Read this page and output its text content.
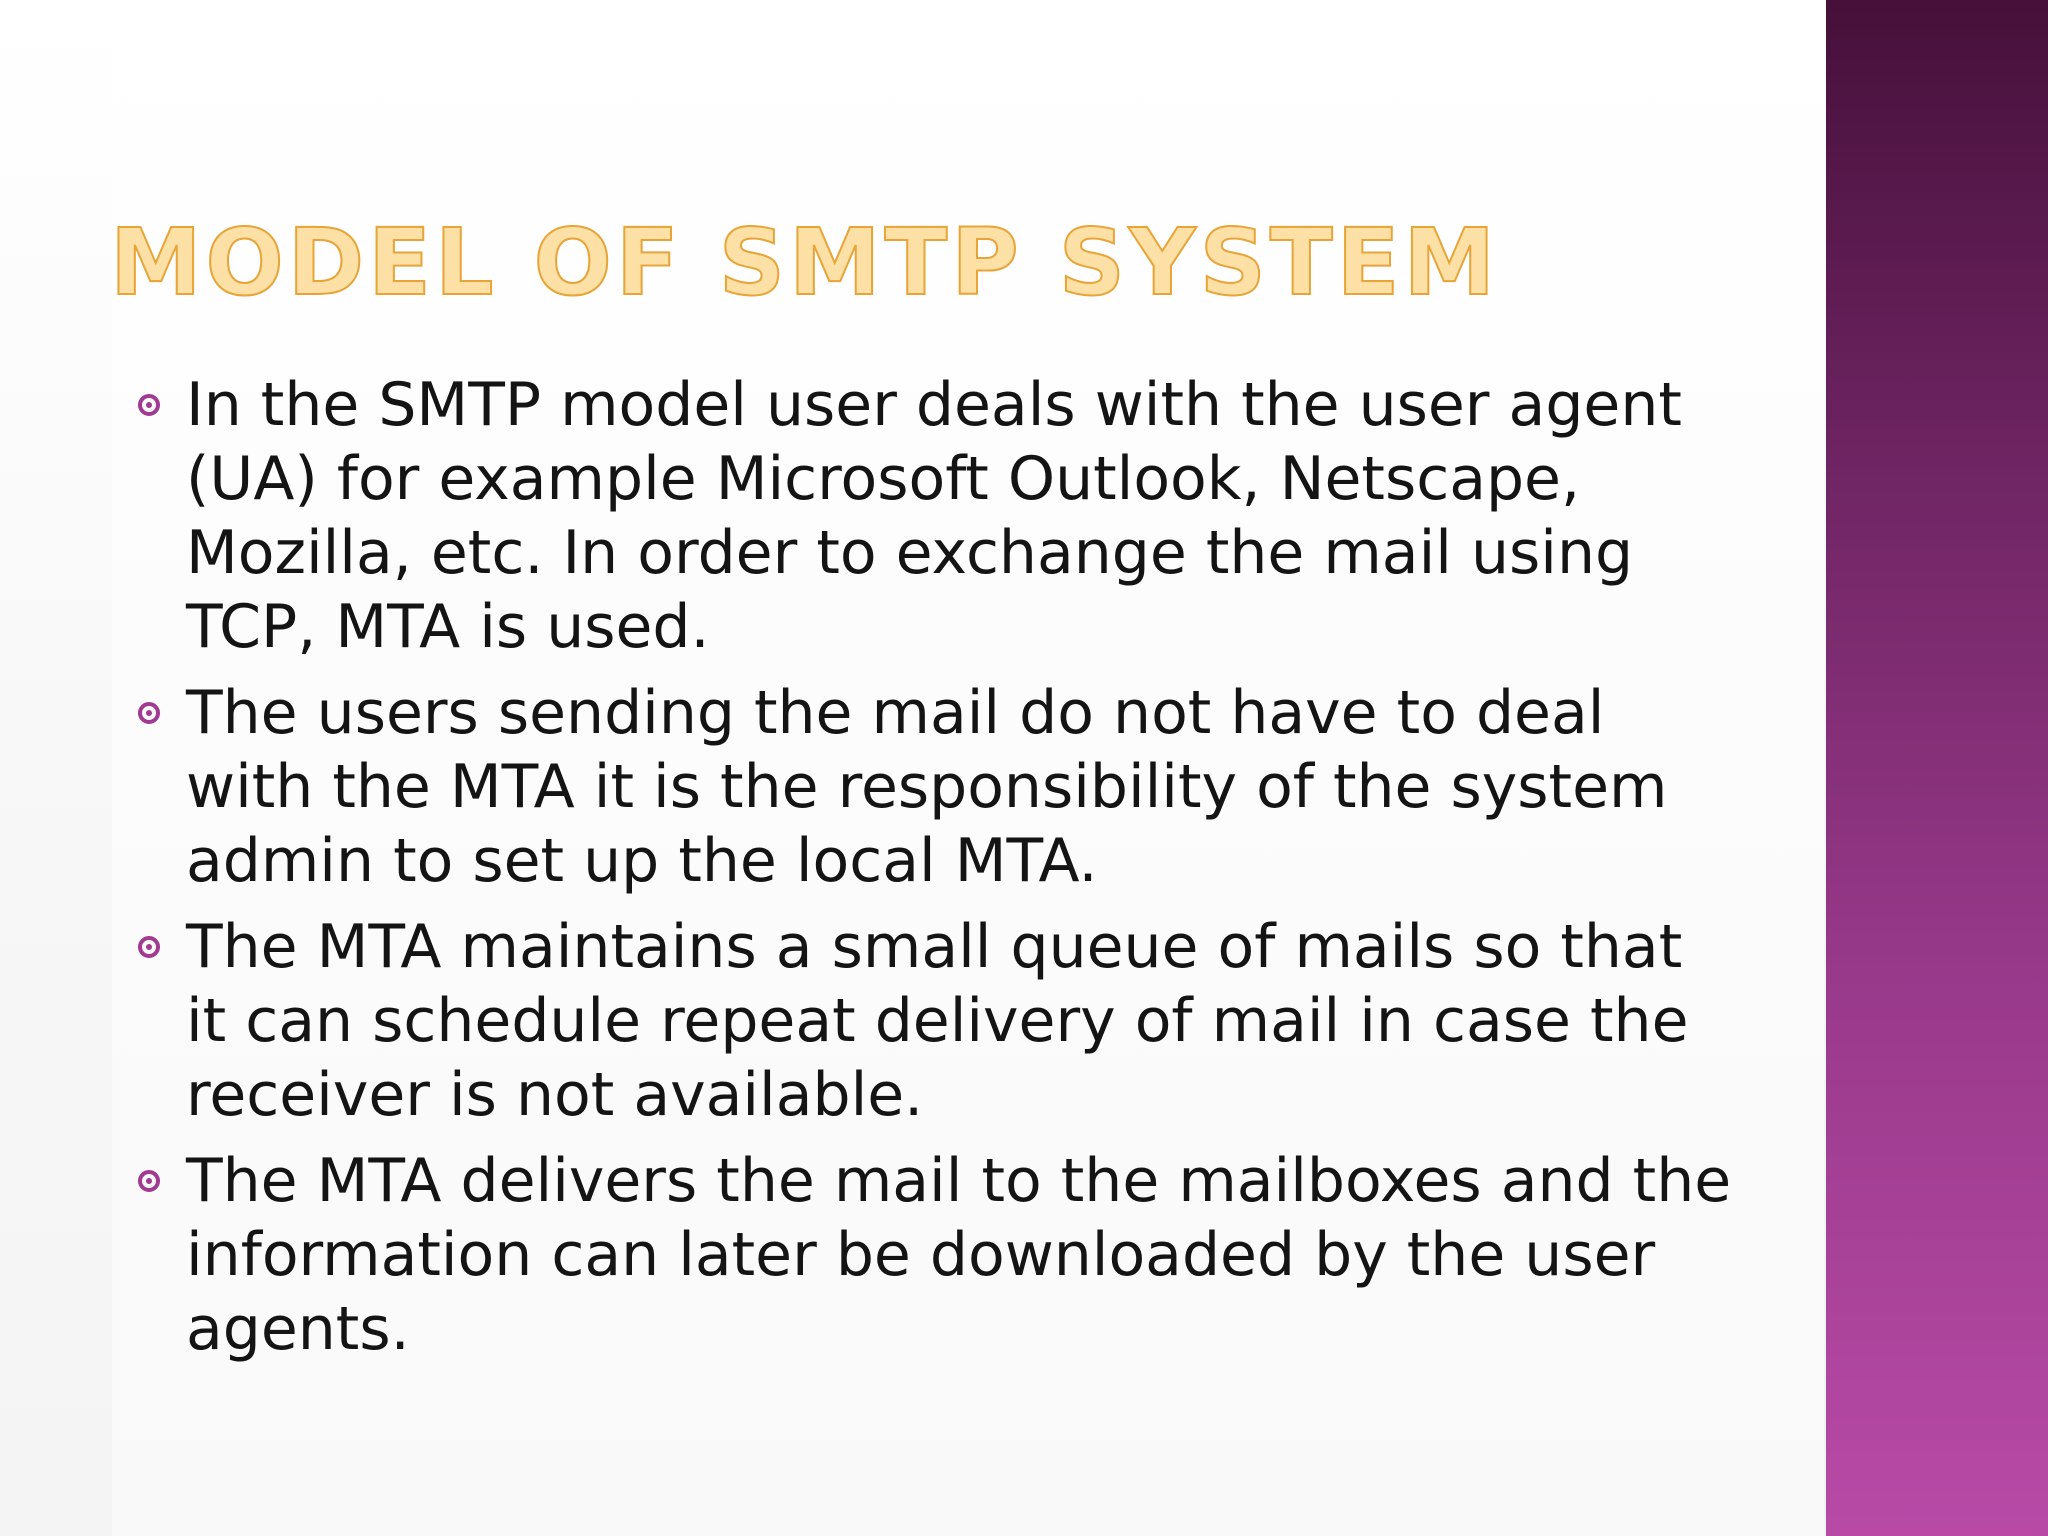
MODEL OF SMTP SYSTEM
In the SMTP model user deals with the user agent (UA) for example Microsoft Outlook, Netscape, Mozilla, etc. In order to exchange the mail using TCP, MTA is used.
The users sending the mail do not have to deal with the MTA it is the responsibility of the system admin to set up the local MTA.
The MTA maintains a small queue of mails so that it can schedule repeat delivery of mail in case the receiver is not available.
The MTA delivers the mail to the mailboxes and the information can later be downloaded by the user agents.
